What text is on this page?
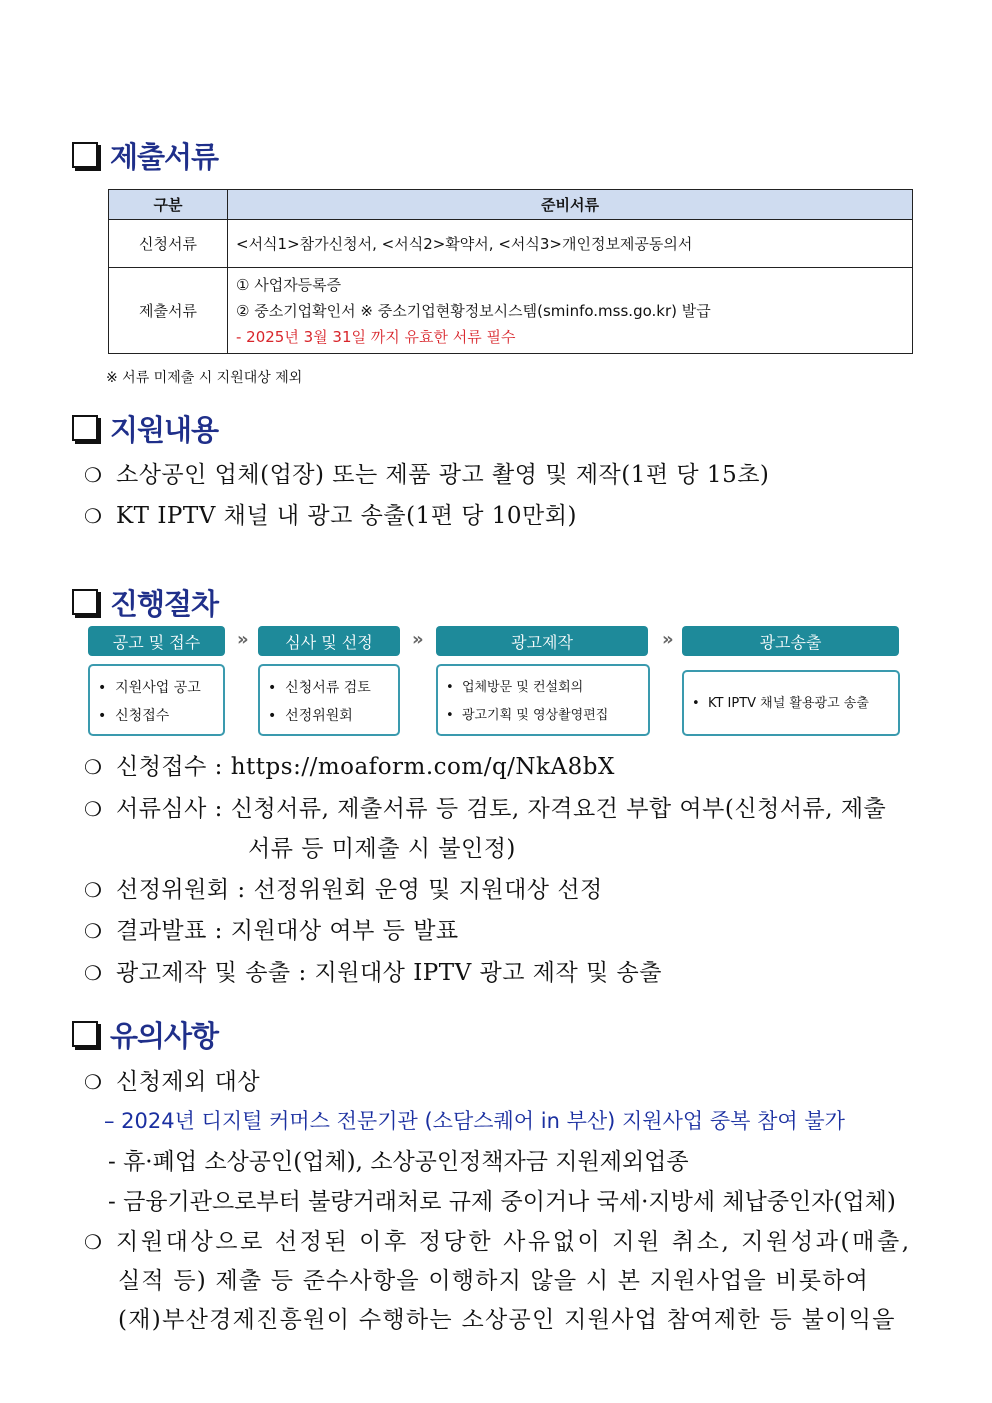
제출서류
구분	준비서류
신청서류	<서식1>참가신청서, <서식2>확약서, <서식3>개인정보제공동의서
제출서류	① 사업자등록증
② 중소기업확인서 ※ 중소기업현황정보시스템(sminfo.mss.go.kr) 발급
- 2025년 3월 31일 까지 유효한 서류 필수
※ 서류 미제출 시 지원대상 제외
지원내용
❍ 소상공인 업체(업장) 또는 제품 광고 촬영 및 제작(1편 당 15초)
❍ KT IPTV 채널 내 광고 송출(1편 당 10만회)
진행절차
공고 및 접수	»	심사 및 선정	»	광고제작	»	광고송출
•  지원사업 공고
•  신청접수
•  신청서류 검토
•  선정위원회
•  업체방문 및 컨설회의
•  광고기획 및 영상촬영편집
•  KT IPTV 채널 활용광고 송출
❍ 신청접수 : https://moaform.com/q/NkA8bX
❍ 서류심사 : 신청서류, 제출서류 등 검토, 자격요건 부합 여부(신청서류, 제출
서류 등 미제출 시 불인정)
❍ 선정위원회 : 선정위원회 운영 및 지원대상 선정
❍ 결과발표 : 지원대상 여부 등 발표
❍ 광고제작 및 송출 : 지원대상 IPTV 광고 제작 및 송출
유의사항
❍ 신청제외 대상
– 2024년 디지털 커머스 전문기관 (소담스퀘어 in 부산) 지원사업 중복 참여 불가
- 휴·폐업 소상공인(업체), 소상공인정책자금 지원제외업종
- 금융기관으로부터 불량거래처로 규제 중이거나 국세·지방세 체납중인자(업체)
❍ 지원대상으로 선정된 이후 정당한 사유없이 지원 취소, 지원성과(매출,
실적 등) 제출 등 준수사항을 이행하지 않을 시 본 지원사업을 비롯하여
(재)부산경제진흥원이 수행하는 소상공인 지원사업 참여제한 등 불이익을
